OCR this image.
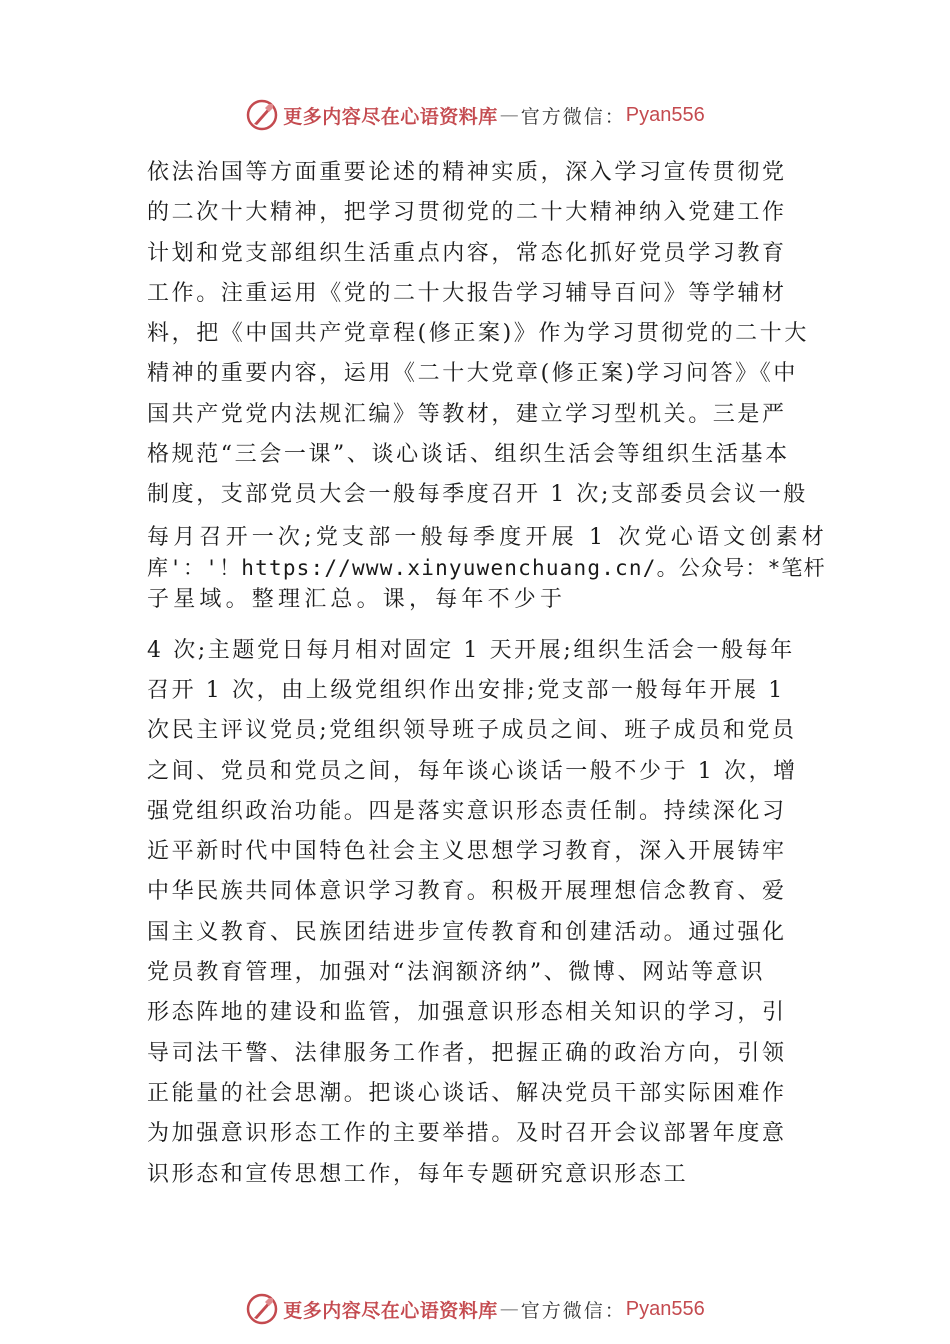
更多内容尽在心语资料库 — 官方微信： Pyan556
依法治国等方面重要论述的精神实质，深入学习宣传贯彻党
的二次十大精神，把学习贯彻党的二十大精神纳入党建工作
计划和党支部组织生活重点内容，常态化抓好党员学习教育
工作。注重运用《党的二十大报告学习辅导百问》等学辅材
料，把《中国共产党章程(修正案)》作为学习贯彻党的二十大
精神的重要内容，运用《二十大党章(修正案)学习问答》《中
国共产党党内法规汇编》等教材，建立学习型机关。三是严
格规范“三会一课”、谈心谈话、组织生活会等组织生活基本
制度，支部党员大会一般每季度召开 1 次;支部委员会议一般
每月召开一次;党支部一般每季度开展 1 次党心语文创素材
库'：'！https://www.xinyuwenchuang.cn/。公众号：*笔杆
子星域。整理汇总。课，每年不少于
4 次;主题党日每月相对固定 1 天开展;组织生活会一般每年
召开 1 次，由上级党组织作出安排;党支部一般每年开展 1
次民主评议党员;党组织领导班子成员之间、班子成员和党员
之间、党员和党员之间，每年谈心谈话一般不少于 1 次，增
强党组织政治功能。四是落实意识形态责任制。持续深化习
近平新时代中国特色社会主义思想学习教育，深入开展铸牢
中华民族共同体意识学习教育。积极开展理想信念教育、爱
国主义教育、民族团结进步宣传教育和创建活动。通过强化
党员教育管理，加强对“法润额济纳”、微博、网站等意识
形态阵地的建设和监管，加强意识形态相关知识的学习，引
导司法干警、法律服务工作者，把握正确的政治方向，引领
正能量的社会思潮。把谈心谈话、解决党员干部实际困难作
为加强意识形态工作的主要举措。及时召开会议部署年度意
识形态和宣传思想工作，每年专题研究意识形态工
更多内容尽在心语资料库 — 官方微信： Pyan556
